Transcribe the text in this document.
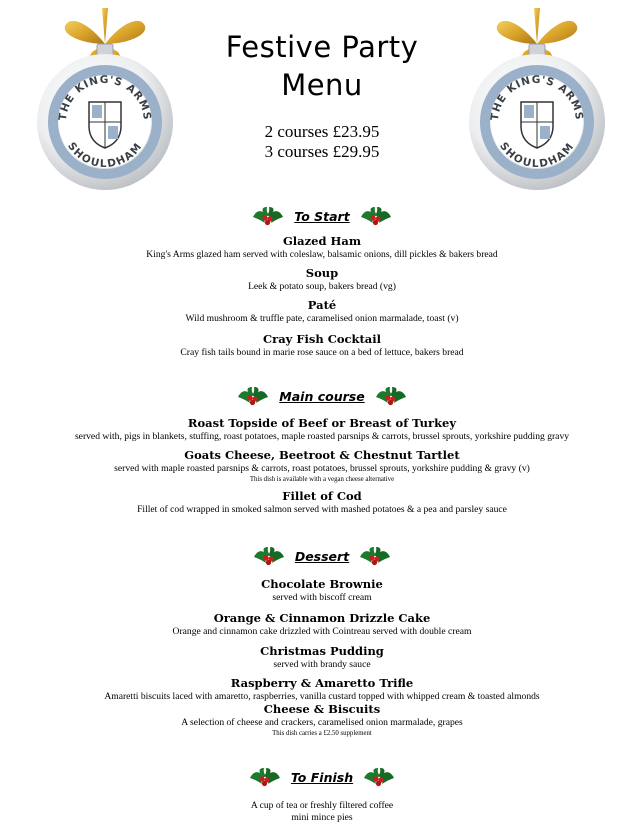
THE KING'S ARMS
SHOULDHAM
THE KING'S ARMS
SHOULDHAM
Festive Party
Menu
2 courses £23.95
3 courses £29.95
To Start
Glazed Ham
King's Arms glazed ham served with coleslaw, balsamic onions, dill pickles & bakers bread
Soup
Leek & potato soup, bakers bread (vg)
Paté
Wild mushroom & truffle pate, caramelised onion marmalade, toast (v)
Cray Fish Cocktail
Cray fish tails bound in marie rose sauce on a bed of lettuce, bakers bread
Main course
Roast Topside of Beef or Breast of Turkey
served with, pigs in blankets, stuffing, roast potatoes, maple roasted parsnips & carrots, brussel sprouts, yorkshire pudding gravy
Goats Cheese, Beetroot & Chestnut Tartlet
served with maple roasted parsnips & carrots, roast potatoes, brussel sprouts, yorkshire pudding & gravy (v)
This dish is available with a vegan cheese alternative
Fillet of Cod
Fillet of cod wrapped in smoked salmon served with mashed potatoes & a pea and parsley sauce
Dessert
Chocolate Brownie
served with biscoff cream
Orange & Cinnamon Drizzle Cake
Orange and cinnamon cake drizzled with Cointreau served with double cream
Christmas Pudding
served with brandy sauce
Raspberry & Amaretto Trifle
Amaretti biscuits laced with amaretto, raspberries, vanilla custard topped with whipped cream & toasted almonds
Cheese & Biscuits
A selection of cheese and crackers, caramelised onion marmalade, grapes
This dish carries a £2.50 supplement
To Finish
A cup of tea or freshly filtered coffee
mini mince pies
